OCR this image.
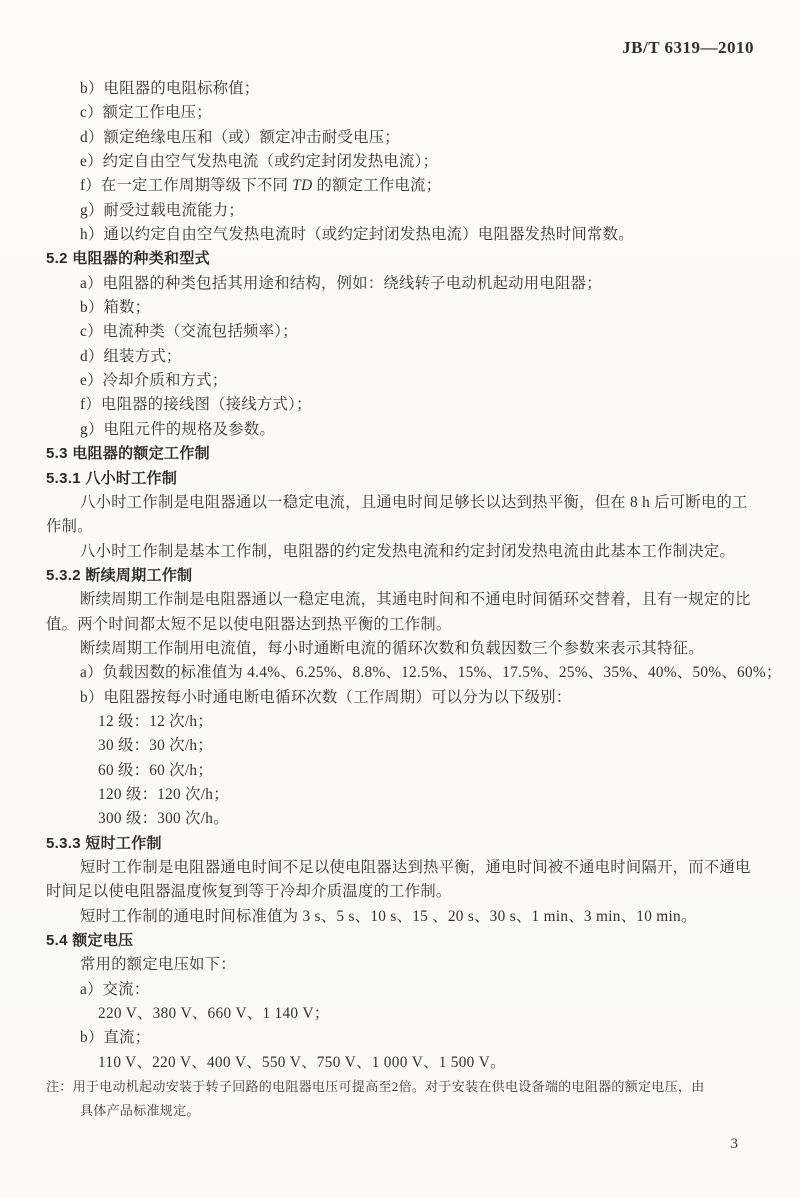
JB/T 6319—2010
b）电阻器的电阻标称值；
c）额定工作电压；
d）额定绝缘电压和（或）额定冲击耐受电压；
e）约定自由空气发热电流（或约定封闭发热电流）；
f）在一定工作周期等级下不同 TD 的额定工作电流；
g）耐受过载电流能力；
h）通以约定自由空气发热电流时（或约定封闭发热电流）电阻器发热时间常数。
5.2 电阻器的种类和型式
a）电阻器的种类包括其用途和结构，例如：绕线转子电动机起动用电阻器；
b）箱数；
c）电流种类（交流包括频率）；
d）组装方式；
e）冷却介质和方式；
f）电阻器的接线图（接线方式）；
g）电阻元件的规格及参数。
5.3 电阻器的额定工作制
5.3.1 八小时工作制
八小时工作制是电阻器通以一稳定电流，且通电时间足够长以达到热平衡，但在 8 h 后可断电的工
作制。
八小时工作制是基本工作制，电阻器的约定发热电流和约定封闭发热电流由此基本工作制决定。
5.3.2 断续周期工作制
断续周期工作制是电阻器通以一稳定电流，其通电时间和不通电时间循环交替着，且有一规定的比
值。两个时间都太短不足以使电阻器达到热平衡的工作制。
断续周期工作制用电流值，每小时通断电流的循环次数和负载因数三个参数来表示其特征。
a）负载因数的标准值为 4.4%、6.25%、8.8%、12.5%、15%、17.5%、25%、35%、40%、50%、60%；
b）电阻器按每小时通电断电循环次数（工作周期）可以分为以下级别：
12 级：12 次/h；
30 级：30 次/h；
60 级：60 次/h；
120 级：120 次/h；
300 级：300 次/h。
5.3.3 短时工作制
短时工作制是电阻器通电时间不足以使电阻器达到热平衡，通电时间被不通电时间隔开，而不通电
时间足以使电阻器温度恢复到等于冷却介质温度的工作制。
短时工作制的通电时间标准值为 3 s、5 s、10 s、15 、20 s、30 s、1 min、3 min、10 min。
5.4 额定电压
常用的额定电压如下：
a）交流：
220 V、380 V、660 V、1 140 V；
b）直流；
110 V、220 V、400 V、550 V、750 V、1 000 V、1 500 V。
注：用于电动机起动安装于转子回路的电阻器电压可提高至2倍。对于安装在供电设备端的电阻器的额定电压，由
具体产品标准规定。
3
